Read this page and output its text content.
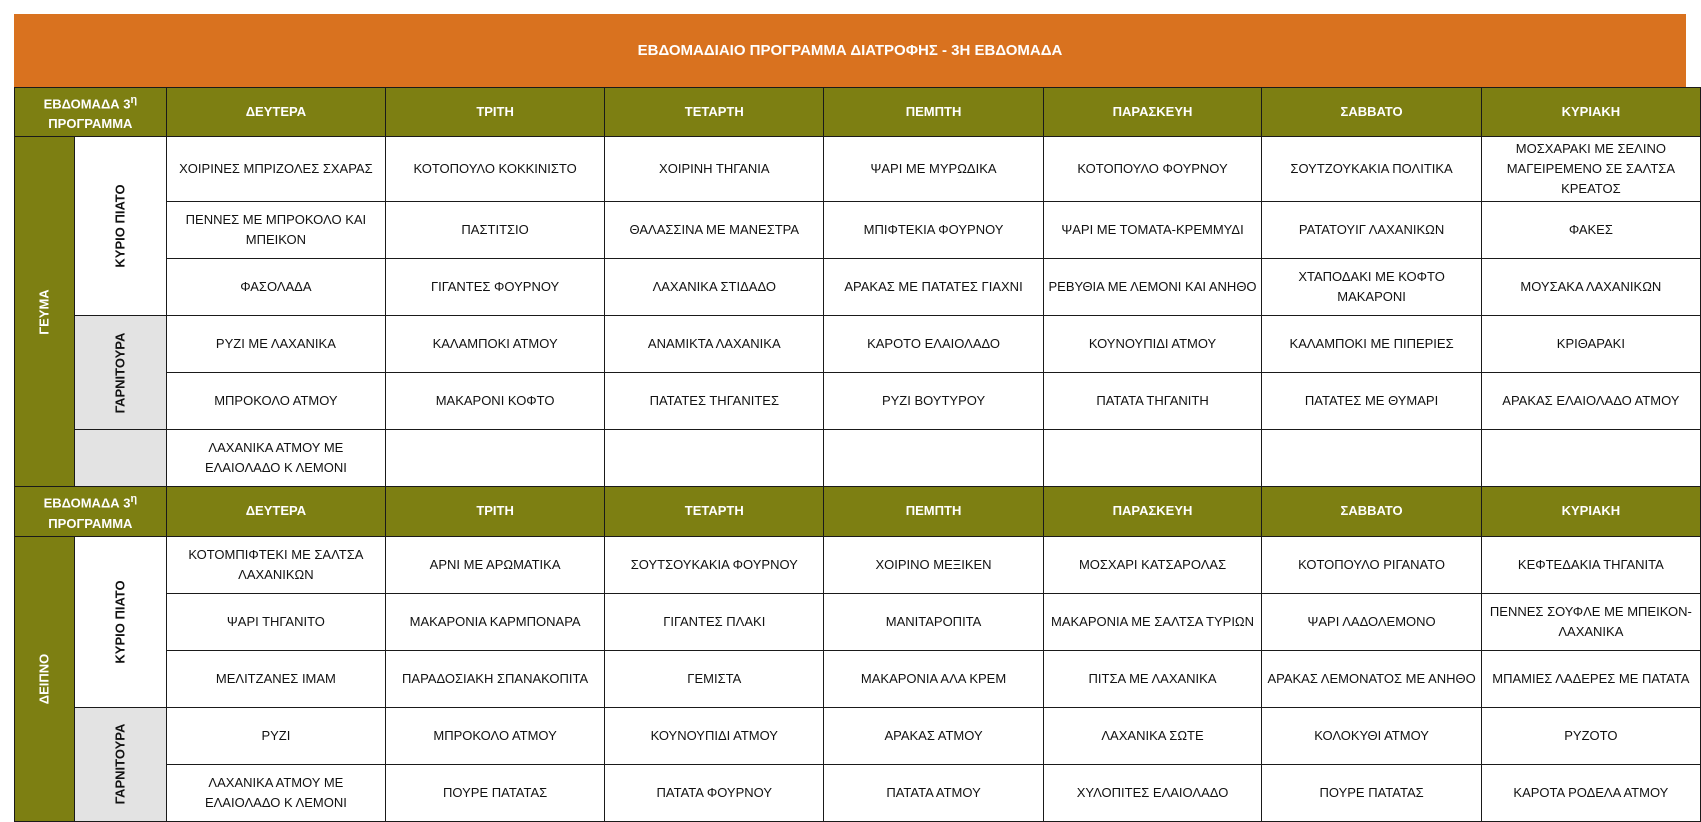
ΕΒΔΟΜΑΔΙΑΙΟ ΠΡΟΓΡΑΜΜΑ ΔΙΑΤΡΟΦΗΣ - 3Η ΕΒΔΟΜΑΔΑ
ΕΒΔΟΜΑΔΑ $3^\eta$
ΠΡΟΓΡΑΜΜΑ		ΔΕΥΤΕΡΑ	ΤΡΙΤΗ	ΤΕΤΑΡΤΗ	ΠΕΜΠΤΗ	ΠΑΡΑΣΚΕΥΗ	ΣΑΒΒΑΤΟ	ΚΥΡΙΑΚΗ
ΓΕΥΜΑ	ΚΥΡΙΟ ΠΙΑΤΟ	ΧΟΙΡΙΝΕΣ ΜΠΡΙΖΟΛΕΣ ΣΧΑΡΑΣ	ΚΟΤΟΠΟΥΛΟ ΚΟΚΚΙΝΙΣΤΟ	ΧΟΙΡΙΝΗ ΤΗΓΑΝΙΑ	ΨΑΡΙ ΜΕ ΜΥΡΩΔΙΚΑ	ΚΟΤΟΠΟΥΛΟ ΦΟΥΡΝΟΥ	ΣΟΥΤΖΟΥΚΑΚΙΑ ΠΟΛΙΤΙΚΑ	ΜΟΣΧΑΡΑΚΙ ΜΕ ΣΕΛΙΝΟ ΜΑΓΕΙΡΕΜΕΝΟ ΣΕ ΣΑΛΤΣΑ ΚΡΕΑΤΟΣ
		ΠΕΝΝΕΣ ΜΕ ΜΠΡΟΚΟΛΟ ΚΑΙ ΜΠΕΙΚΟΝ	ΠΑΣΤΙΤΣΙΟ	ΘΑΛΑΣΣΙΝΑ ΜΕ ΜΑΝΕΣΤΡΑ	ΜΠΙΦΤΕΚΙΑ ΦΟΥΡΝΟΥ	ΨΑΡΙ ΜΕ ΤΟΜΑΤΑ-ΚΡΕΜΜΥΔΙ	ΡΑΤΑΤΟΥΙΓ ΛΑΧΑΝΙΚΩΝ	ΦΑΚΕΣ
		ΦΑΣΟΛΑΔΑ	ΓΙΓΑΝΤΕΣ ΦΟΥΡΝΟΥ	ΛΑΧΑΝΙΚΑ ΣΤΙΔΑΔΟ	ΑΡΑΚΑΣ ΜΕ ΠΑΤΑΤΕΣ ΓΙΑΧΝΙ	ΡΕΒΥΘΙΑ ΜΕ ΛΕΜΟΝΙ ΚΑΙ ΑΝΗΘΟ	ΧΤΑΠΟΔΑΚΙ ΜΕ ΚΟΦΤΟ ΜΑΚΑΡΟΝΙ	ΜΟΥΣΑΚΑ ΛΑΧΑΝΙΚΩΝ
	ΓΑΡΝΙΤΟΥΡΑ	ΡΥΖΙ ΜΕ ΛΑΧΑΝΙΚΑ	ΚΑΛΑΜΠΟΚΙ ΑΤΜΟΥ	ΑΝΑΜΙΚΤΑ ΛΑΧΑΝΙΚΑ	ΚΑΡΟΤΟ ΕΛΑΙΟΛΑΔΟ	ΚΟΥΝΟΥΠΙΔΙ ΑΤΜΟΥ	ΚΑΛΑΜΠΟΚΙ ΜΕ ΠΙΠΕΡΙΕΣ	ΚΡΙΘΑΡΑΚΙ
		ΜΠΡΟΚΟΛΟ ΑΤΜΟΥ	ΜΑΚΑΡΟΝΙ ΚΟΦΤΟ	ΠΑΤΑΤΕΣ ΤΗΓΑΝΙΤΕΣ	ΡΥΖΙ ΒΟΥΤΥΡΟΥ	ΠΑΤΑΤΑ ΤΗΓΑΝΙΤΗ	ΠΑΤΑΤΕΣ ΜΕ ΘΥΜΑΡΙ	ΑΡΑΚΑΣ ΕΛΑΙΟΛΑΔΟ ΑΤΜΟΥ
		ΛΑΧΑΝΙΚΑ ΑΤΜΟΥ ΜΕ ΕΛΑΙΟΛΑΔΟ Κ ΛΕΜΟΝΙ						
ΕΒΔΟΜΑΔΑ $3^\eta$
ΠΡΟΓΡΑΜΜΑ		ΔΕΥΤΕΡΑ	ΤΡΙΤΗ	ΤΕΤΑΡΤΗ	ΠΕΜΠΤΗ	ΠΑΡΑΣΚΕΥΗ	ΣΑΒΒΑΤΟ	ΚΥΡΙΑΚΗ
ΔΕΙΠΝΟ	ΚΥΡΙΟ ΠΙΑΤΟ	ΚΟΤΟΜΠΙΦΤΕΚΙ ΜΕ ΣΑΛΤΣΑ ΛΑΧΑΝΙΚΩΝ	ΑΡΝΙ ΜΕ ΑΡΩΜΑΤΙΚΑ	ΣΟΥΤΣΟΥΚΑΚΙΑ ΦΟΥΡΝΟΥ	ΧΟΙΡΙΝΟ ΜΕΞΙΚΕΝ	ΜΟΣΧΑΡΙ ΚΑΤΣΑΡΟΛΑΣ	ΚΟΤΟΠΟΥΛΟ ΡΙΓΑΝΑΤΟ	ΚΕΦΤΕΔΑΚΙΑ ΤΗΓΑΝΙΤΑ
		ΨΑΡΙ ΤΗΓΑΝΙΤΟ	ΜΑΚΑΡΟΝΙΑ ΚΑΡΜΠΟΝΑΡΑ	ΓΙΓΑΝΤΕΣ ΠΛΑΚΙ	ΜΑΝΙΤΑΡΟΠΙΤΑ	ΜΑΚΑΡΟΝΙΑ ΜΕ ΣΑΛΤΣΑ ΤΥΡΙΩΝ	ΨΑΡΙ ΛΑΔΟΛΕΜΟΝΟ	ΠΕΝΝΕΣ ΣΟΥΦΛΕ ΜΕ ΜΠΕΙΚΟΝ-ΛΑΧΑΝΙΚΑ
		ΜΕΛΙΤΖΑΝΕΣ ΙΜΑΜ	ΠΑΡΑΔΟΣΙΑΚΗ ΣΠΑΝΑΚΟΠΙΤΑ	ΓΕΜΙΣΤΑ	ΜΑΚΑΡΟΝΙΑ ΑΛΑ ΚΡΕΜ	ΠΙΤΣΑ ΜΕ ΛΑΧΑΝΙΚΑ	ΑΡΑΚΑΣ ΛΕΜΟΝΑΤΟΣ ΜΕ ΑΝΗΘΟ	ΜΠΑΜΙΕΣ ΛΑΔΕΡΕΣ ΜΕ ΠΑΤΑΤΑ
	ΓΑΡΝΙΤΟΥΡΑ	ΡΥΖΙ	ΜΠΡΟΚΟΛΟ ΑΤΜΟΥ	ΚΟΥΝΟΥΠΙΔΙ ΑΤΜΟΥ	ΑΡΑΚΑΣ ΑΤΜΟΥ	ΛΑΧΑΝΙΚΑ ΣΩΤΕ	ΚΟΛΟΚΥΘΙ ΑΤΜΟΥ	ΡΥΖΟΤΟ
		ΛΑΧΑΝΙΚΑ ΑΤΜΟΥ ΜΕ ΕΛΑΙΟΛΑΔΟ Κ ΛΕΜΟΝΙ	ΠΟΥΡΕ ΠΑΤΑΤΑΣ	ΠΑΤΑΤΑ ΦΟΥΡΝΟΥ	ΠΑΤΑΤΑ ΑΤΜΟΥ	ΧΥΛΟΠΙΤΕΣ ΕΛΑΙΟΛΑΔΟ	ΠΟΥΡΕ ΠΑΤΑΤΑΣ	ΚΑΡΟΤΑ ΡΟΔΕΛΑ ΑΤΜΟΥ
